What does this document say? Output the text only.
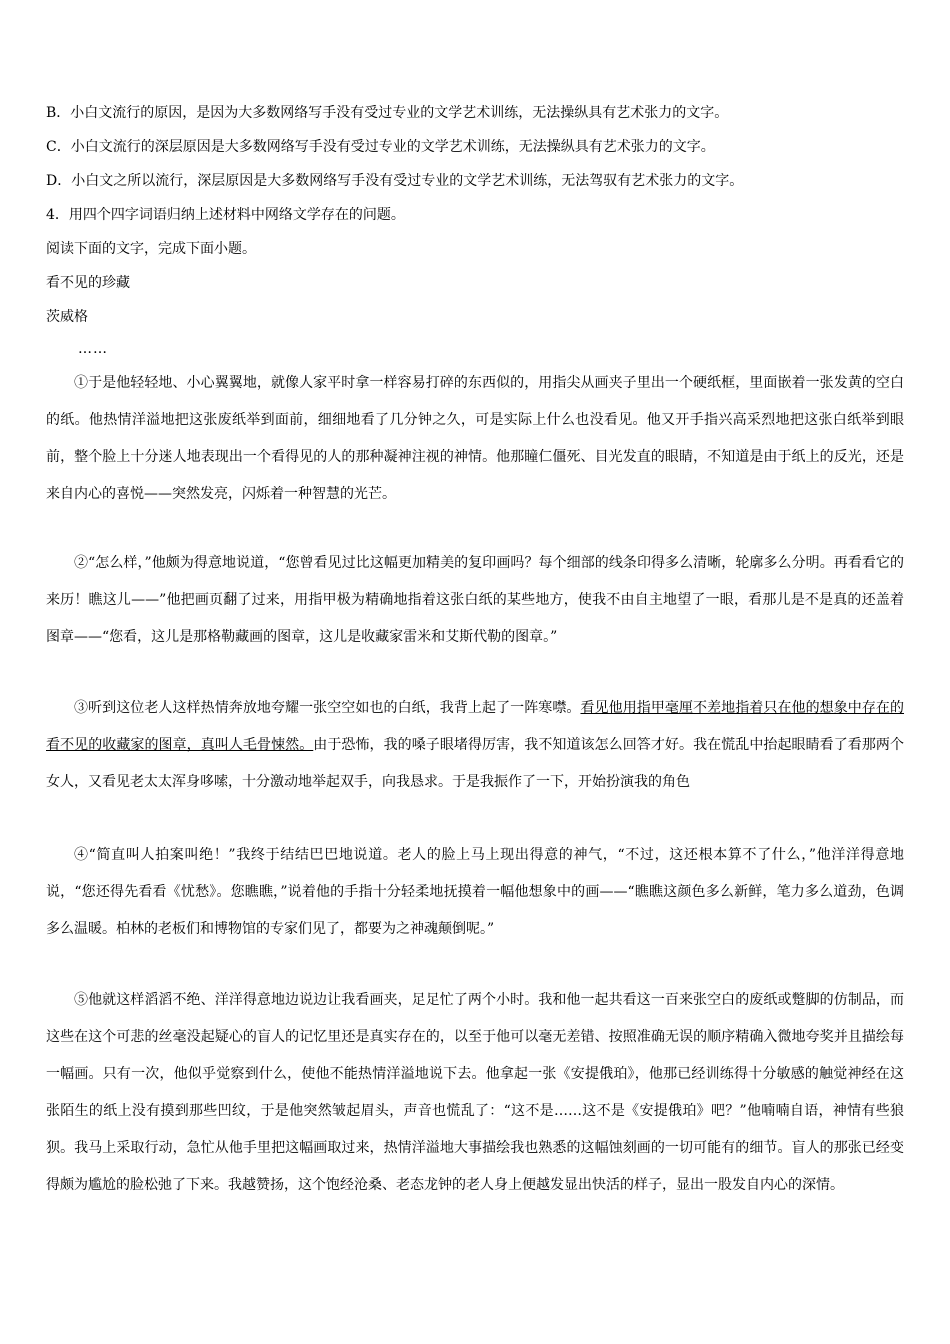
B．小白文流行的原因，是因为大多数网络写手没有受过专业的文学艺术训练，无法操纵具有艺术张力的文字。
C．小白文流行的深层原因是大多数网络写手没有受过专业的文学艺术训练，无法操纵具有艺术张力的文字。
D．小白文之所以流行，深层原因是大多数网络写手没有受过专业的文学艺术训练，无法驾驭有艺术张力的文字。
4．用四个四字词语归纳上述材料中网络文学存在的问题。
阅读下面的文字，完成下面小题。
看不见的珍藏
茨威格
……

①于是他轻轻地、小心翼翼地，就像人家平时拿一样容易打碎的东西似的，用指尖从画夹子里出一个硬纸框，里面嵌着一张发黄的空白的纸。他热情洋溢地把这张废纸举到面前，细细地看了几分钟之久，可是实际上什么也没看见。他又开手指兴高采烈地把这张白纸举到眼前，整个脸上十分迷人地表现出一个看得见的人的那种凝神注视的神情。他那瞳仁僵死、目光发直的眼睛，不知道是由于纸上的反光，还是来自内心的喜悦——突然发亮，闪烁着一种智慧的光芒。

②“怎么样，”他颇为得意地说道，“您曾看见过比这幅更加精美的复印画吗？每个细部的线条印得多么清晰，轮廓多么分明。再看看它的来历！瞧这儿——”他把画页翻了过来，用指甲极为精确地指着这张白纸的某些地方，使我不由自主地望了一眼，看那儿是不是真的还盖着图章——“您看，这儿是那格勒藏画的图章，这儿是收藏家雷米和艾斯代勒的图章。”

③听到这位老人这样热情奔放地夸耀一张空空如也的白纸，我背上起了一阵寒噤。看见他用指甲毫厘不差地指着只在他的想象中存在的看不见的收藏家的图章，真叫人毛骨悚然。由于恐怖，我的嗓子眼堵得厉害，我不知道该怎么回答才好。我在慌乱中抬起眼睛看了看那两个女人，又看见老太太浑身哆嗦，十分激动地举起双手，向我恳求。于是我振作了一下，开始扮演我的角色

④“简直叫人拍案叫绝！”我终于结结巴巴地说道。老人的脸上马上现出得意的神气，“不过，这还根本算不了什么，”他洋洋得意地说，“您还得先看看《忧愁》。您瞧瞧，”说着他的手指十分轻柔地抚摸着一幅他想象中的画——“瞧瞧这颜色多么新鲜，笔力多么道劲，色调多么温暖。柏林的老板们和博物馆的专家们见了，都要为之神魂颠倒呢。”

⑤他就这样滔滔不绝、洋洋得意地边说边让我看画夹，足足忙了两个小时。我和他一起共看这一百来张空白的废纸或蹩脚的仿制品，而这些在这个可悲的丝毫没起疑心的盲人的记忆里还是真实存在的，以至于他可以毫无差错、按照准确无误的顺序精确入微地夸奖并且描绘每一幅画。只有一次，他似乎觉察到什么，使他不能热情洋溢地说下去。他拿起一张《安提俄珀》，他那已经训练得十分敏感的触觉神经在这张陌生的纸上没有摸到那些凹纹，于是他突然皱起眉头，声音也慌乱了：“这不是……这不是《安提俄珀》吧？”他喃喃自语，神情有些狼狈。我马上采取行动，急忙从他手里把这幅画取过来，热情洋溢地大事描绘我也熟悉的这幅蚀刻画的一切可能有的细节。盲人的那张已经变得颇为尴尬的脸松弛了下来。我越赞扬，这个饱经沧桑、老态龙钟的老人身上便越发显出快活的样子，显出一股发自内心的深情。
